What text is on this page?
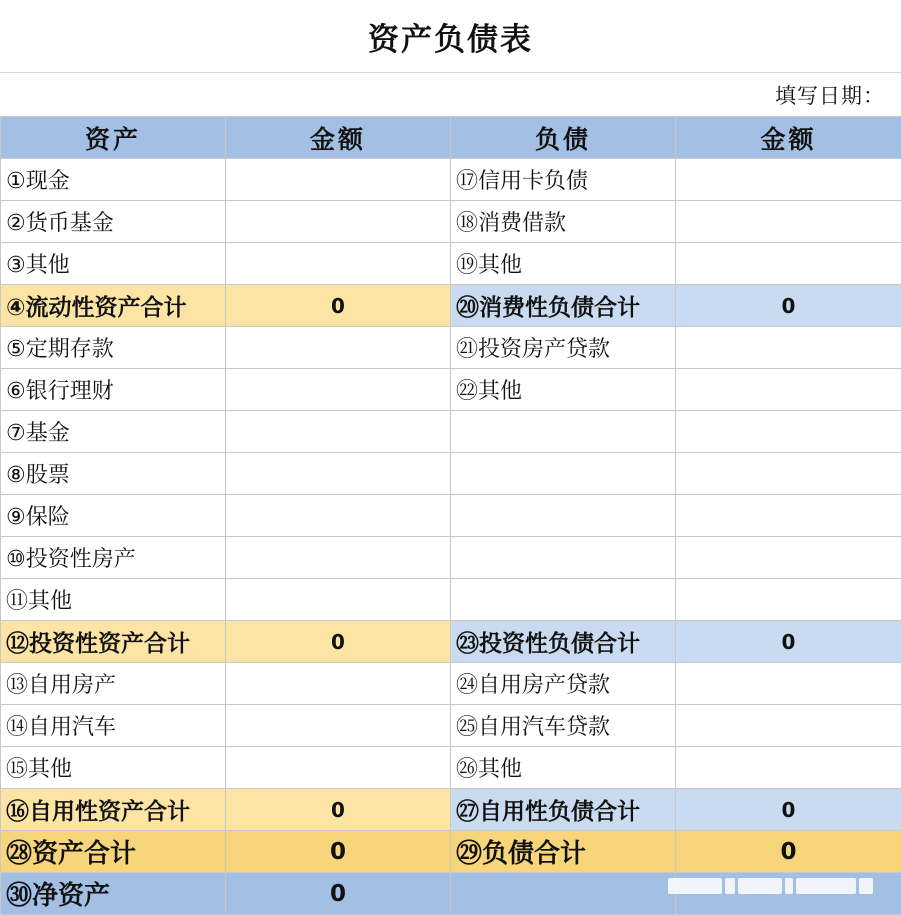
资产负债表
填写日期：
资产	金额	负债	金额
①现金		⑰信用卡负债	
②货币基金		⑱消费借款	
③其他		⑲其他	
④流动性资产合计	0	⑳消费性负债合计	0
⑤定期存款		㉑投资房产贷款	
⑥银行理财		㉒其他	
⑦基金			
⑧股票			
⑨保险			
⑩投资性房产			
⑪其他			
⑫投资性资产合计	0	㉓投资性负债合计	0
⑬自用房产		㉔自用房产贷款	
⑭自用汽车		㉕自用汽车贷款	
⑮其他		㉖其他	
⑯自用性资产合计	0	㉗自用性负债合计	0
㉘资产合计	0	㉙负债合计	0
㉚净资产	0		
